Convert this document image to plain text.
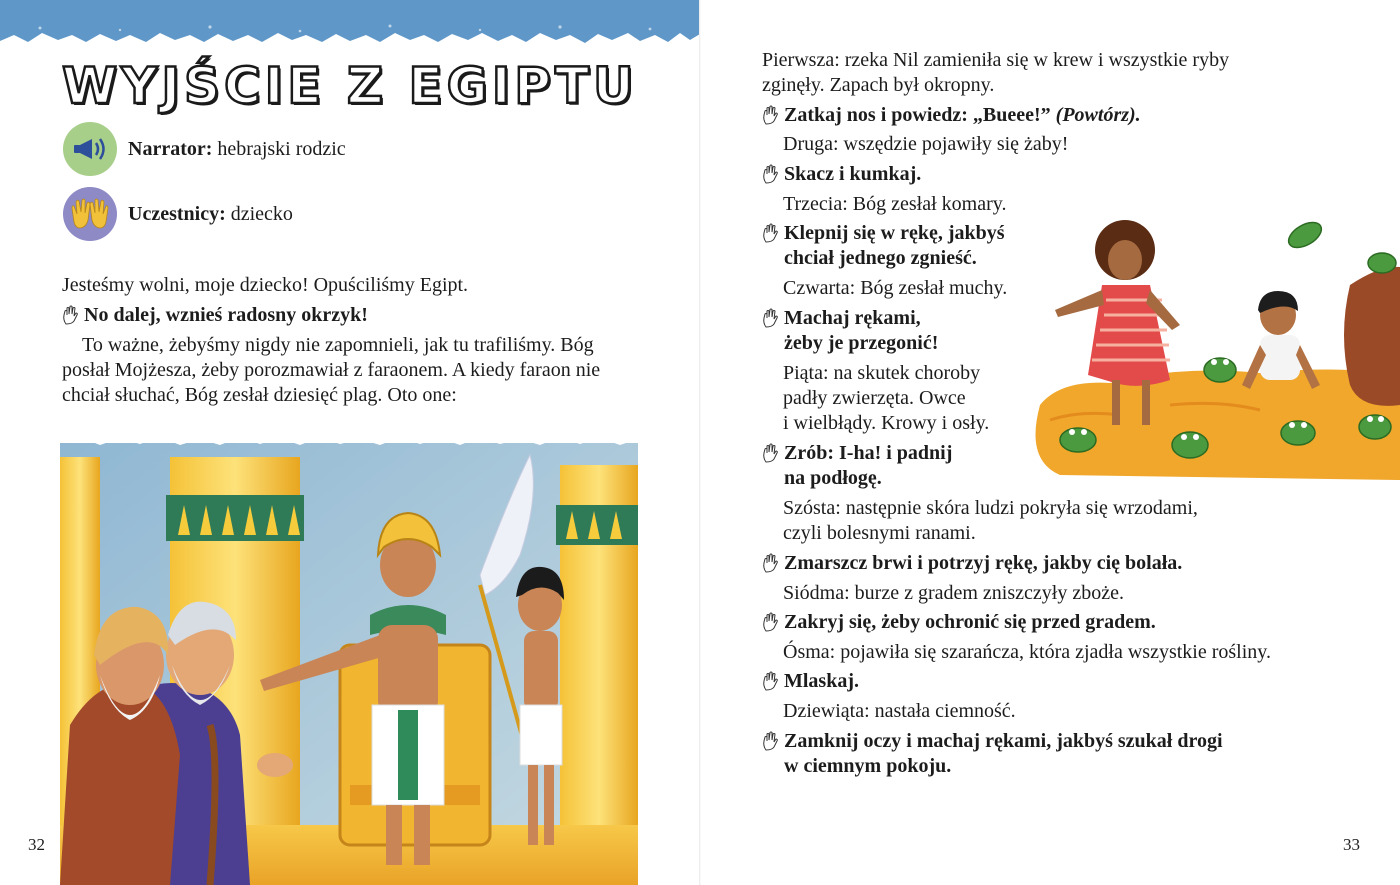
WYJŚCIE Z EGIPTU
Narrator: hebrajski rodzic
Uczestnicy: dziecko

Jesteśmy wolni, moje dziecko! Opuściliśmy Egipt.

No dalej, wznieś radosny okrzyk!

To ważne, żebyśmy nigdy nie zapomnieli, jak tu trafiliśmy. Bóg posłał Mojżesza, żeby porozmawiał z faraonem. A kiedy faraon nie chciał słuchać, Bóg zesłał dziesięć plag. Oto one:

32
Pierwsza: rzeka Nil zamieniła się w krew i wszystkie ryby
zginęły. Zapach był okropny.
Zatkaj nos i powiedz: „Bueee!”
(Powtórz).
Druga: wszędzie pojawiły się żaby!
Skacz i kumkaj.
Trzecia: Bóg zesłał komary.
Klepnij się w rękę, jakbyś
chciał jednego zgnieść.
Czwarta: Bóg zesłał muchy.
Machaj rękami,
żeby je przegonić!
Piąta: na skutek choroby
padły zwierzęta. Owce
i wielbłądy. Krowy i osły.
Zrób: I-ha! i padnij
na podłogę.
Szósta: następnie skóra ludzi pokryła się wrzodami,
czyli bolesnymi ranami.
Zmarszcz brwi i potrzyj rękę, jakby cię bolała.
Siódma: burze z gradem zniszczyły zboże.
Zakryj się, żeby ochronić się przed gradem.
Ósma: pojawiła się szarańcza, która zjadła wszystkie rośliny.
Mlaskaj.
Dziewiąta: nastała ciemność.
Zamknij oczy i machaj rękami, jakbyś szukał drogi
w ciemnym pokoju.
33
